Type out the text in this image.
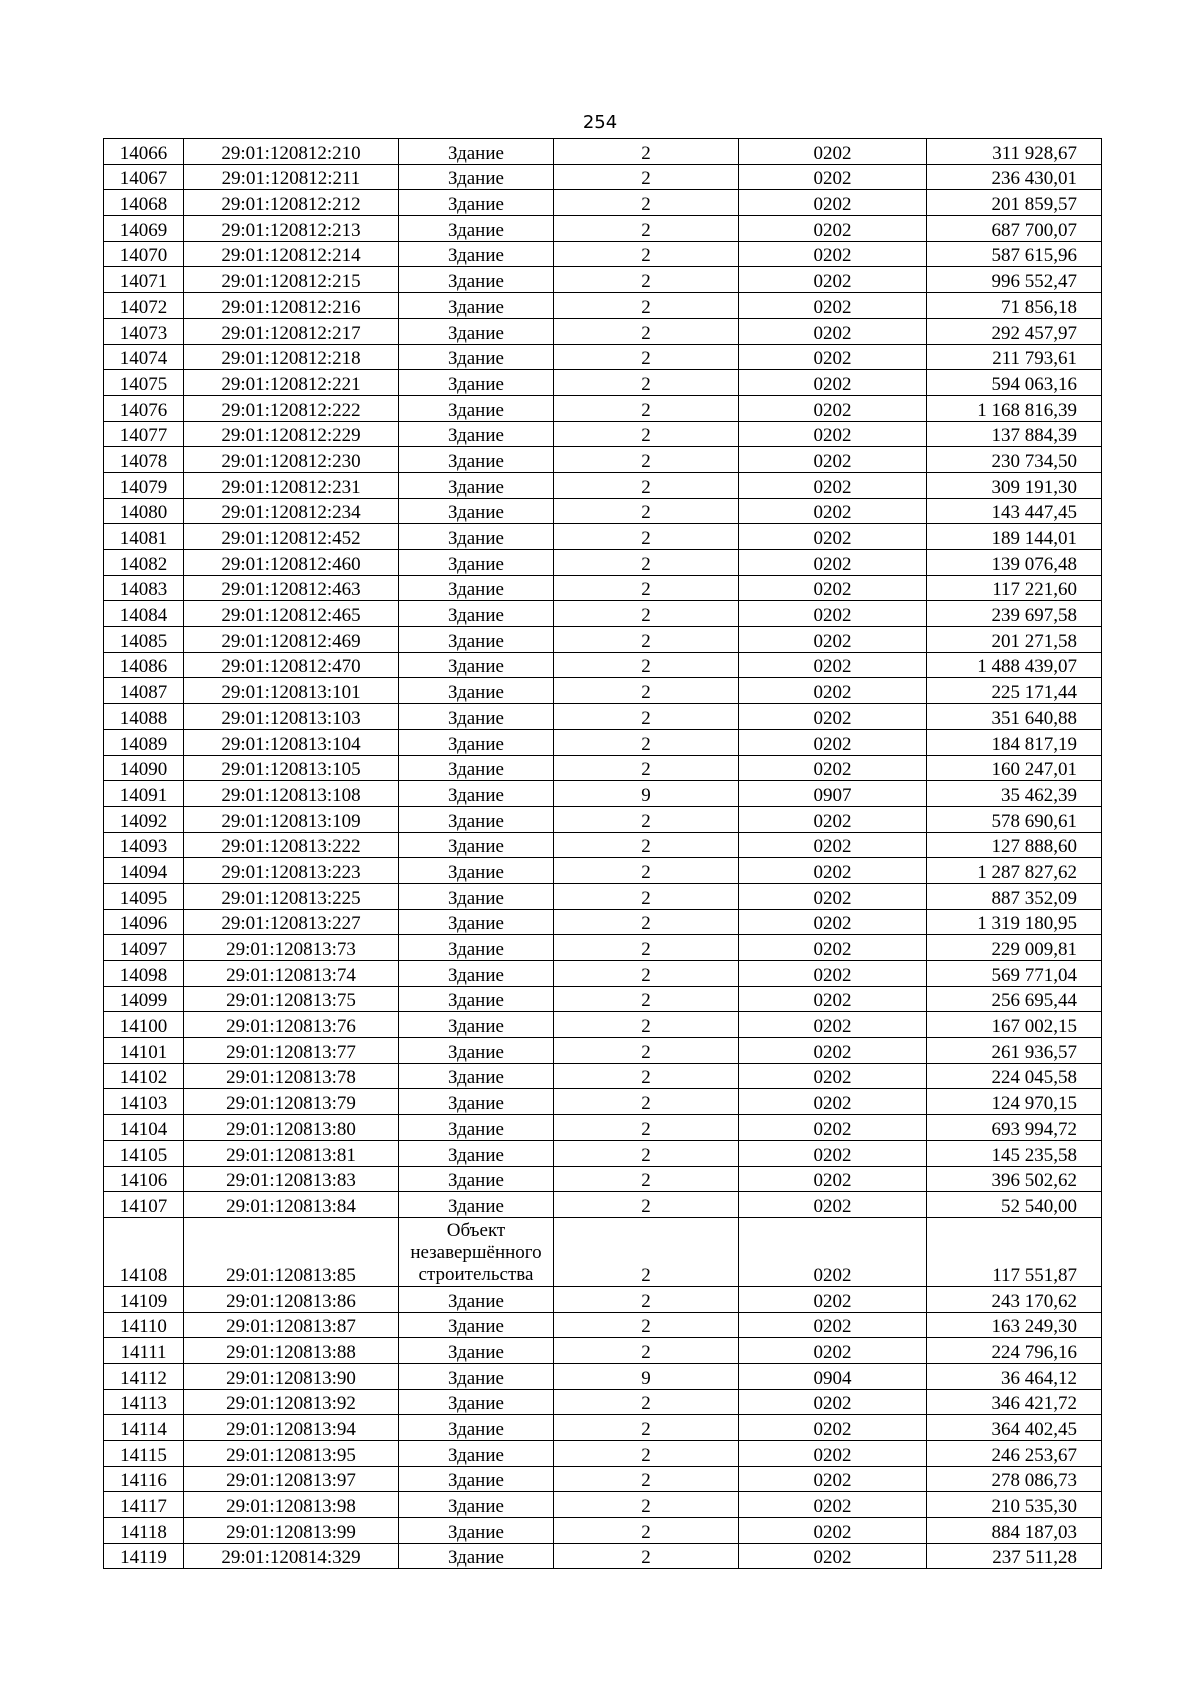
254
14066	29:01:120812:210	Здание	2	0202	311 928,67
14067	29:01:120812:211	Здание	2	0202	236 430,01
14068	29:01:120812:212	Здание	2	0202	201 859,57
14069	29:01:120812:213	Здание	2	0202	687 700,07
14070	29:01:120812:214	Здание	2	0202	587 615,96
14071	29:01:120812:215	Здание	2	0202	996 552,47
14072	29:01:120812:216	Здание	2	0202	71 856,18
14073	29:01:120812:217	Здание	2	0202	292 457,97
14074	29:01:120812:218	Здание	2	0202	211 793,61
14075	29:01:120812:221	Здание	2	0202	594 063,16
14076	29:01:120812:222	Здание	2	0202	1 168 816,39
14077	29:01:120812:229	Здание	2	0202	137 884,39
14078	29:01:120812:230	Здание	2	0202	230 734,50
14079	29:01:120812:231	Здание	2	0202	309 191,30
14080	29:01:120812:234	Здание	2	0202	143 447,45
14081	29:01:120812:452	Здание	2	0202	189 144,01
14082	29:01:120812:460	Здание	2	0202	139 076,48
14083	29:01:120812:463	Здание	2	0202	117 221,60
14084	29:01:120812:465	Здание	2	0202	239 697,58
14085	29:01:120812:469	Здание	2	0202	201 271,58
14086	29:01:120812:470	Здание	2	0202	1 488 439,07
14087	29:01:120813:101	Здание	2	0202	225 171,44
14088	29:01:120813:103	Здание	2	0202	351 640,88
14089	29:01:120813:104	Здание	2	0202	184 817,19
14090	29:01:120813:105	Здание	2	0202	160 247,01
14091	29:01:120813:108	Здание	9	0907	35 462,39
14092	29:01:120813:109	Здание	2	0202	578 690,61
14093	29:01:120813:222	Здание	2	0202	127 888,60
14094	29:01:120813:223	Здание	2	0202	1 287 827,62
14095	29:01:120813:225	Здание	2	0202	887 352,09
14096	29:01:120813:227	Здание	2	0202	1 319 180,95
14097	29:01:120813:73	Здание	2	0202	229 009,81
14098	29:01:120813:74	Здание	2	0202	569 771,04
14099	29:01:120813:75	Здание	2	0202	256 695,44
14100	29:01:120813:76	Здание	2	0202	167 002,15
14101	29:01:120813:77	Здание	2	0202	261 936,57
14102	29:01:120813:78	Здание	2	0202	224 045,58
14103	29:01:120813:79	Здание	2	0202	124 970,15
14104	29:01:120813:80	Здание	2	0202	693 994,72
14105	29:01:120813:81	Здание	2	0202	145 235,58
14106	29:01:120813:83	Здание	2	0202	396 502,62
14107	29:01:120813:84	Здание	2	0202	52 540,00
14108	29:01:120813:85	Объект незавершённого строительства	2	0202	117 551,87
14109	29:01:120813:86	Здание	2	0202	243 170,62
14110	29:01:120813:87	Здание	2	0202	163 249,30
14111	29:01:120813:88	Здание	2	0202	224 796,16
14112	29:01:120813:90	Здание	9	0904	36 464,12
14113	29:01:120813:92	Здание	2	0202	346 421,72
14114	29:01:120813:94	Здание	2	0202	364 402,45
14115	29:01:120813:95	Здание	2	0202	246 253,67
14116	29:01:120813:97	Здание	2	0202	278 086,73
14117	29:01:120813:98	Здание	2	0202	210 535,30
14118	29:01:120813:99	Здание	2	0202	884 187,03
14119	29:01:120814:329	Здание	2	0202	237 511,28
